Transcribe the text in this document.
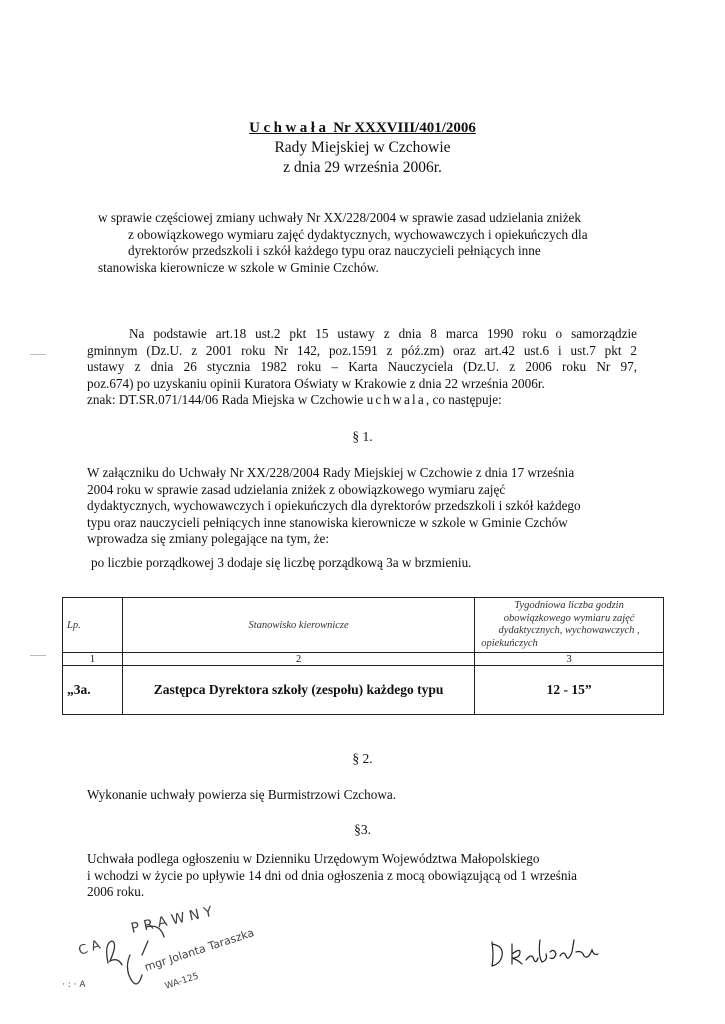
Uchwała Nr XXXVIII/401/2006
Rady Miejskiej w Czchowie
z dnia 29 września 2006r.
w sprawie częściowej zmiany uchwały Nr XX/228/2004 w sprawie zasad udzielania zniżek
z obowiązkowego wymiaru zajęć dydaktycznych, wychowawczych i opiekuńczych dla
dyrektorów przedszkoli i szkół każdego typu oraz nauczycieli pełniących inne
stanowiska kierownicze w szkole w Gminie Czchów.
Na podstawie art.18 ust.2 pkt 15 ustawy z dnia 8 marca 1990 roku o samorządzie
gminnym (Dz.U. z 2001 roku Nr 142, poz.1591 z póź.zm) oraz art.42 ust.6 i ust.7 pkt 2
ustawy z dnia 26 stycznia 1982 roku – Karta Nauczyciela (Dz.U. z 2006 roku Nr 97,
poz.674) po uzyskaniu opinii Kuratora Oświaty w Krakowie z dnia 22 września 2006r.
znak: DT.SR.071/144/06 Rada Miejska w Czchowie uchwala, co następuje:
§ 1.
W załączniku do Uchwały Nr XX/228/2004 Rady Miejskiej w Czchowie z dnia 17 września
2004 roku w sprawie zasad udzielania zniżek z obowiązkowego wymiaru zajęć
dydaktycznych, wychowawczych i opiekuńczych dla dyrektorów przedszkoli i szkół każdego
typu oraz nauczycieli pełniących inne stanowiska kierownicze w szkole w Gminie Czchów
wprowadza się zmiany polegające na tym, że:
po liczbie porządkowej 3 dodaje się liczbę porządkową 3a w brzmieniu.
Lp.	Stanowisko kierownicze	Tygodniowa liczba godzin
obowiązkowego wymiaru zajęć
dydaktycznych, wychowawczych ,
opiekuńczych

1	2	3
„3a.	Zastępca Dyrektora szkoły (zespołu) każdego typu	12 - 15”
§ 2.
Wykonanie uchwały powierza się Burmistrzowi Czchowa.
§3.
Uchwała podlega ogłoszeniu w Dzienniku Urzędowym Województwa Małopolskiego
i wchodzi w życie po upływie 14 dni od dnia ogłoszenia z mocą obowiązującą od 1 września
2006 roku.
C A
P R A W N Y
mgr Jolanta Taraszka
WA-125
· : · A
